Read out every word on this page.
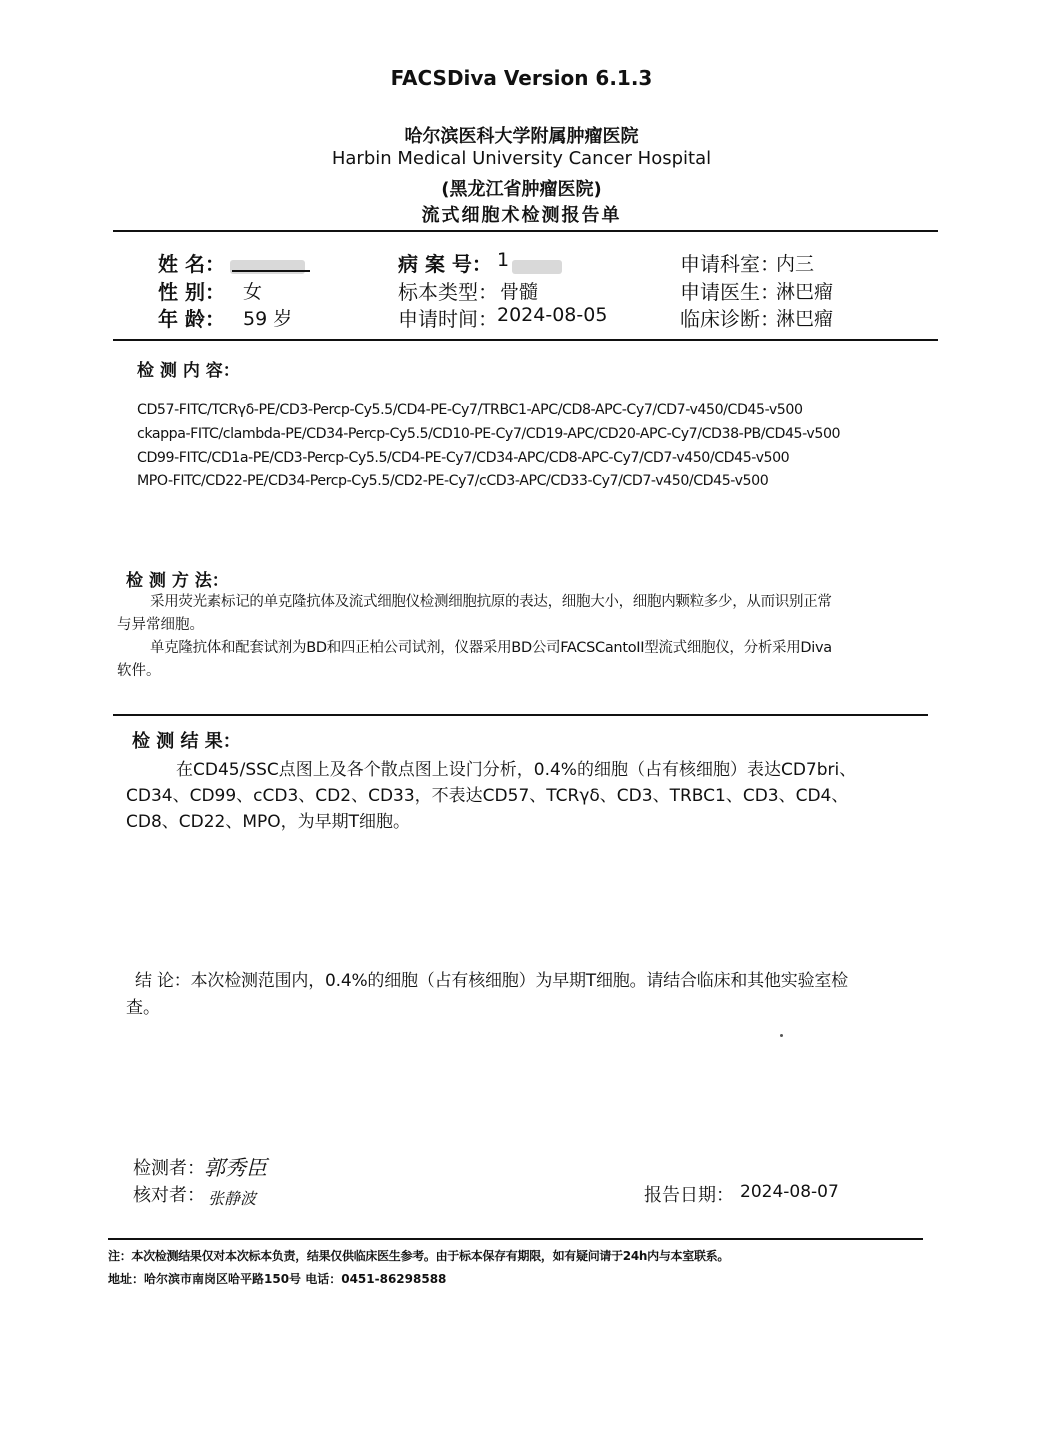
FACSDiva Version 6.1.3
哈尔滨医科大学附属肿瘤医院
Harbin Medical University Cancer Hospital
(黑龙江省肿瘤医院)
流式细胞术检测报告单
姓 名：
性 别： 女
年 龄： 59 岁
病 案 号： 1
标本类型： 骨髓
申请时间： 2024-08-05
申请科室：
内三
申请医生：
淋巴瘤
临床诊断：
淋巴瘤
检 测 内 容：
CD57-FITC/TCRγδ-PE/CD3-Percp-Cy5.5/CD4-PE-Cy7/TRBC1-APC/CD8-APC-Cy7/CD7-v450/CD45-v500
ckappa-FITC/clambda-PE/CD34-Percp-Cy5.5/CD10-PE-Cy7/CD19-APC/CD20-APC-Cy7/CD38-PB/CD45-v500
CD99-FITC/CD1a-PE/CD3-Percp-Cy5.5/CD4-PE-Cy7/CD34-APC/CD8-APC-Cy7/CD7-v450/CD45-v500
MPO-FITC/CD22-PE/CD34-Percp-Cy5.5/CD2-PE-Cy7/cCD3-APC/CD33-Cy7/CD7-v450/CD45-v500
检 测 方 法：
采用荧光素标记的单克隆抗体及流式细胞仪检测细胞抗原的表达，细胞大小，细胞内颗粒多少，从而识别正常
与异常细胞。
单克隆抗体和配套试剂为BD和四正柏公司试剂，仪器采用BD公司FACSCantoII型流式细胞仪，分析采用Diva
软件。
检 测 结 果：
在CD45/SSC点图上及各个散点图上设门分析，0.4%的细胞（占有核细胞）表达CD7bri、
CD34、CD99、cCD3、CD2、CD33，不表达CD57、TCRγδ、CD3、TRBC1、CD3、CD4、
CD8、CD22、MPO，为早期T细胞。
结 论：本次检测范围内，0.4%的细胞（占有核细胞）为早期T细胞。请结合临床和其他实验室检
查。
检测者： 郭秀臣
核对者： 张静波	报告日期： 2024-08-07
注：本次检测结果仅对本次标本负责，结果仅供临床医生参考。由于标本保存有期限，如有疑问请于24h内与本室联系。
地址：哈尔滨市南岗区哈平路150号 电话：0451-86298588
